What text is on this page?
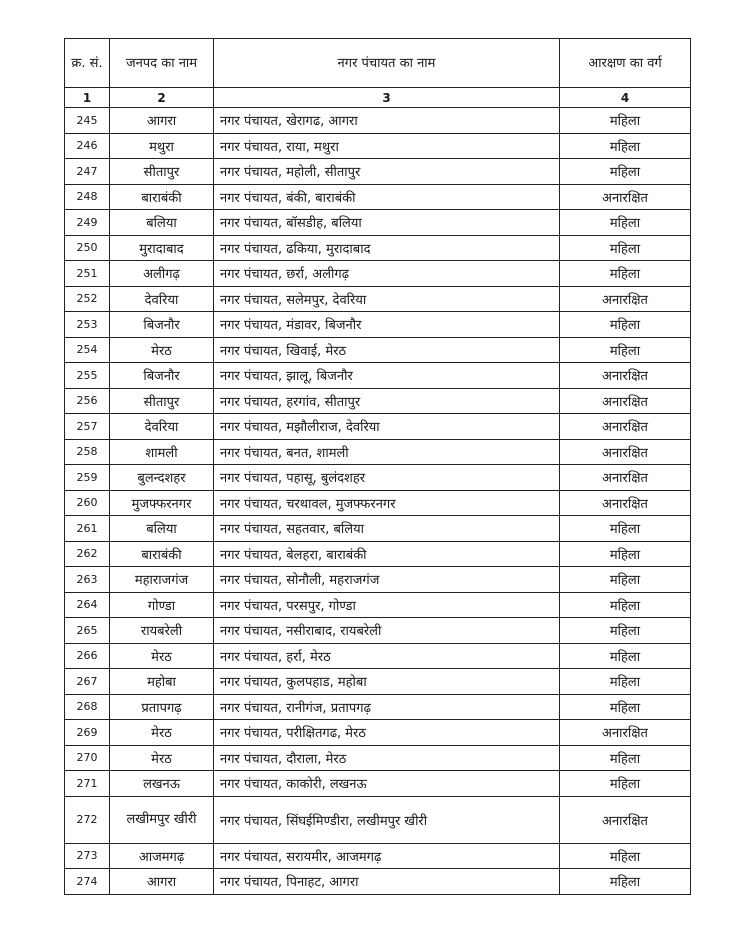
क्र. सं.	जनपद का नाम	नगर पंचायत का नाम	आरक्षण का वर्ग
1	2	3	4
245	आगरा	नगर पंचायत, खेरागढ, आगरा	महिला
246	मथुरा	नगर पंचायत, राया, मथुरा	महिला
247	सीतापुर	नगर पंचायत, महोली, सीतापुर	महिला
248	बाराबंकी	नगर पंचायत, बंकी, बाराबंकी	अनारक्षित
249	बलिया	नगर पंचायत, बॉसडीह, बलिया	महिला
250	मुरादाबाद	नगर पंचायत, ढकिया, मुरादाबाद	महिला
251	अलीगढ़	नगर पंचायत, छर्रा, अलीगढ़	महिला
252	देवरिया	नगर पंचायत, सलेमपुर, देवरिया	अनारक्षित
253	बिजनौर	नगर पंचायत, मंडावर, बिजनौर	महिला
254	मेरठ	नगर पंचायत, खिवाई, मेरठ	महिला
255	बिजनौर	नगर पंचायत, झालू, बिजनौर	अनारक्षित
256	सीतापुर	नगर पंचायत, हरगांव, सीतापुर	अनारक्षित
257	देवरिया	नगर पंचायत, मझौलीराज, देवरिया	अनारक्षित
258	शामली	नगर पंचायत, बनत, शामली	अनारक्षित
259	बुलन्दशहर	नगर पंचायत, पहासू, बुलंदशहर	अनारक्षित
260	मुजफ्फरनगर	नगर पंचायत, चरथावल, मुजफ्फरनगर	अनारक्षित
261	बलिया	नगर पंचायत, सहतवार, बलिया	महिला
262	बाराबंकी	नगर पंचायत, बेलहरा, बाराबंकी	महिला
263	महाराजगंज	नगर पंचायत, सोनौली, महराजगंज	महिला
264	गोण्डा	नगर पंचायत, परसपुर, गोण्डा	महिला
265	रायबरेली	नगर पंचायत, नसीराबाद, रायबरेली	महिला
266	मेरठ	नगर पंचायत, हर्रा, मेरठ	महिला
267	महोबा	नगर पंचायत, कुलपहाड, महोबा	महिला
268	प्रतापगढ़	नगर पंचायत, रानीगंज, प्रतापगढ़	महिला
269	मेरठ	नगर पंचायत, परीक्षितगढ, मेरठ	अनारक्षित
270	मेरठ	नगर पंचायत, दौराला, मेरठ	महिला
271	लखनऊ	नगर पंचायत, काकोरी, लखनऊ	महिला
272	लखीमपुर खीरी	नगर पंचायत, सिंघईमिण्डीरा, लखीमपुर खीरी	अनारक्षित
273	आजमगढ़	नगर पंचायत, सरायमीर, आजमगढ़	महिला
274	आगरा	नगर पंचायत, पिनाहट, आगरा	महिला
